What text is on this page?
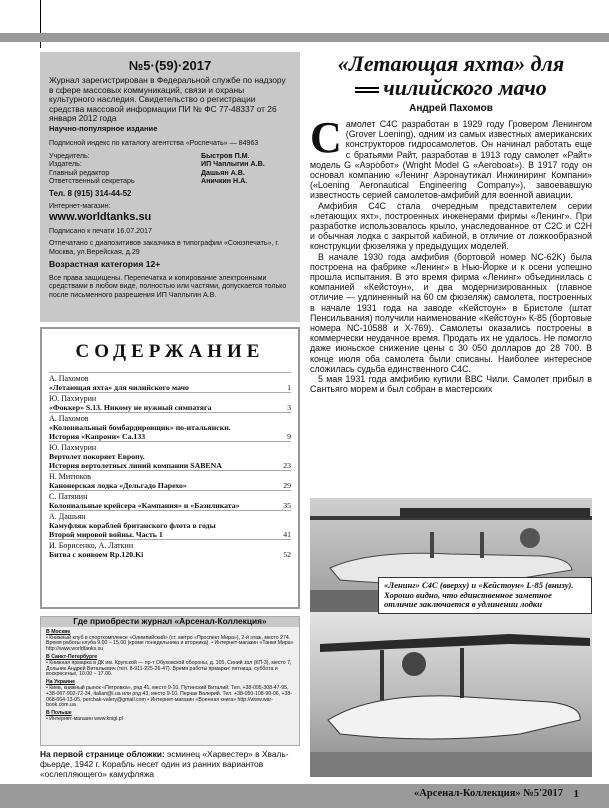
№5·(59)·2017
Журнал зарегистрирован в Федеральной службе по надзору в сфере массовых коммуникаций, связи и охраны культурного наследия. Свидетельство о регистрации средства массовой информации ПИ № ФС 77-48337 от 26 января 2012 года
Научно-популярное издание
Подписной индекс по каталогу агентства «Роспечать» — 84963
Учредитель:	Быстров П.М.
Издатель:	ИП Чаплыгин А.В.
Главный редактор	Дашьян А.В.
Ответственный секретарь	Аничкин Н.А.
Тел. 8 (915) 314-44-52
Интернет-магазин:
www.worldtanks.su
Подписано к печати 16.07.2017
Отпечатано с диапозитивов заказчика в типографии «Союзпечать», г. Москва, ул.Верейская, д.29
Возрастная категория 12+
Все права защищены. Перепечатка и копирование электронными средствами в любом виде, полностью или частями, допускается только после письменного разрешения ИП Чаплыгин А.В.
СОДЕРЖАНИЕ
А. Пахомов
«Летающая яхта» для чилийского мачо	1
Ю. Пахмурин
«Фоккер» S.13. Никому не нужный симпатяга	3
А. Пахомов
«Колониальный бомбардировщик» по-итальянски.
История «Капрони» Са.133	9
Ю. Пахмурин
Вертолет покоряет Европу.
История вертолетных линий компании SABENA	23
Н. Митюков
Канонерская лодка «Дельгадо Парехо»	29
С. Патянин
Колониальные крейсера «Кампания» и «Базиликата»	35
А. Дашьян
Камуфляж кораблей британского флота в годы
Второй мировой войны. Часть 1	41
И. Борисенко, А. Латкин
Битва с конвоем Rp.120.Ki	52
Где приобрести журнал «Арсенал-Коллекция»
В Москве
• Книжный клуб в спорткомплексе «Олимпийский» (ст. метро «Проспект Мира»), 2-й этаж, место 274. Время работы клуба 9.00 – 15.00 (кроме понедельника и вторника). • Интернет-магазин «Танки Мира» http://www.worldtanks.su
В Санкт-Петербурге
• Книжная ярмарка в ДК им. Крупской — пр-т Обуховской обороны, д. 105, Синий зал (КП-3), место 7, Дольник Андрей Витальевич (тел. 8-911-225-26-47). Время работы ярмарки: пятница, суббота и воскресенье, 10.00 – 17.00.
На Украине
• Киев, книжный рынок «Петровка», ряд 41, место 9-10. Путинский Виталий. Тел. +38-095-308-47-95, +38-067-902-72-34, italian@i.ua или ряд 43, место 9-10. Перчак Валерий. Тел. +38-050-108-90-06, +38-068-664-13-05, perchak-valery@gmail.com • Интернет-магазин «Военная книга» http://www.war-book.com.ua
В Польше
• Интернет-магазин www.knigi.pl
На первой странице обложки: эсминец «Харвестер» в Хваль-фьерде, 1942 г. Корабль несет один из ранних вариантов «ослепляющего» камуфляжа
«Летающая яхта» для
чилийского мачо
Андрей Пахомов
С амолет С4С разработан в 1929 году Гровером Ленингом (Grover Loening), одним из самых известных американских конструкторов гидросамолетов. Он начинал работать еще с братьями Райт, разработав в 1913 году самолет «Райт» модель G «Аэробот» (Wright Model G «Aeroboat»). В 1917 году он основал компанию «Ленинг Аэронаутикал Инжиниринг Компани» («Loening Aeronautical Engineering Company»), завоевавшую известность серией самолетов-амфибий для военной авиации.

Амфибия С4С стала очередным представителем серии «летающих яхт», построенных инженерами фирмы «Ленинг». При разработке использовалось крыло, унаследованное от С2С и С2Н и обычная лодка с закрытой кабиной, в отличие от ложкообразной конструкции фюзеляжа у предыдущих моделей.

В начале 1930 года амфибия (бортовой номер NC-62K) была построена на фабрике «Ленинг» в Нью-Йорке и к осени успешно прошла испытания. В это время фирма «Ленинг» объединилась с компанией «Кейстоун», и два модернизированных (главное отличие — удлиненный на 60 см фюзеляж) самолета, построенных в начале 1931 года на заводе «Кейстоун» в Бристоле (штат Пенсильвания) получили наименование «Кейстоун» К-85 (бортовые номера NC-10588 и Х-769). Самолеты оказались построены в коммерчески неудачное время. Продать их не удалось. Не помогло даже июньское снижение цены с 30 050 долларов до 28 700. В конце июля оба самолета были списаны. Наиболее интересное сложилась судьба единственного С4С.

5 мая 1931 года амфибию купили ВВС Чили. Самолет прибыл в Сантьяго морем и был собран в мастерских

«Ленинг» С4С (вверху) и «Кейстоун» L-85 (внизу). Хорошо видно, что единственное заметное отличие заключается в удлинении лодки
«Арсенал-Коллекция» №5'2017 1
